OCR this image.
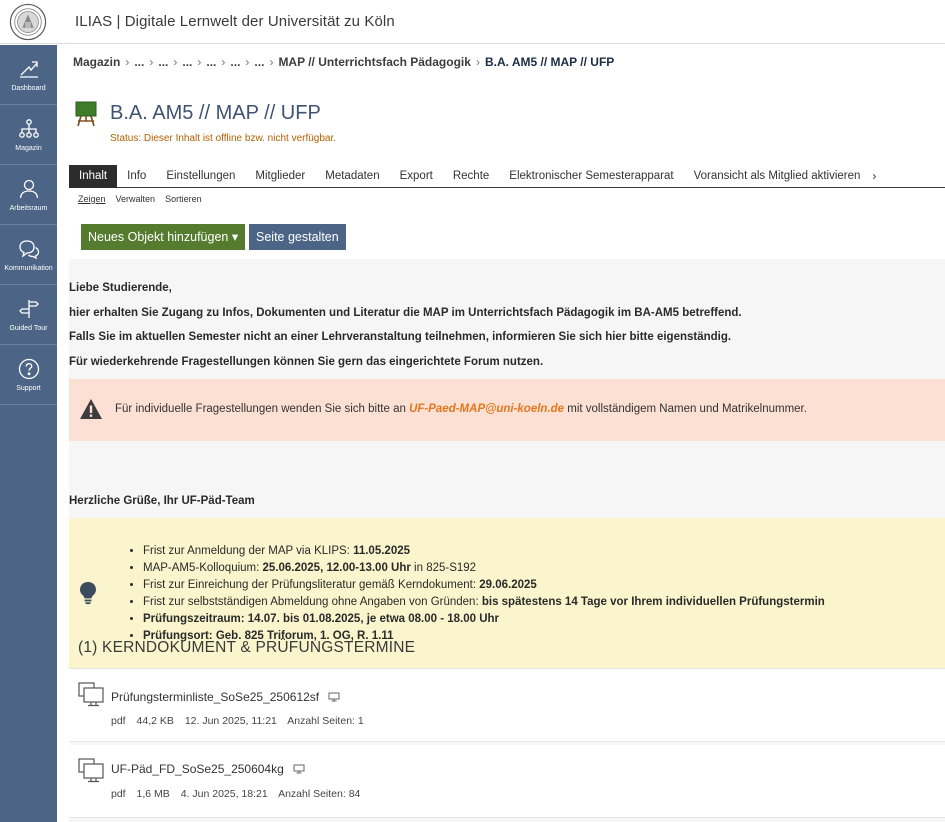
ILIAS | Digitale Lernwelt der Universität zu Köln
Dashboard
Magazin
Arbeitsraum
Kommunikation
Guided Tour
Support
Magazin › ... › ... › ... › ... › ... › ... › MAP // Unterrichtsfach Pädagogik › B.A. AM5 // MAP // UFP
B.A. AM5 // MAP // UFP
Status: Dieser Inhalt ist offline bzw. nicht verfügbar.
Inhalt	Info	Einstellungen	Mitglieder	Metadaten	Export	Rechte	Elektronischer Semesterapparat	Voransicht als Mitglied aktivieren	›
Zeigen Verwalten Sortieren
Neues Objekt hinzufügen ▾	Seite gestalten
Liebe Studierende,
hier erhalten Sie Zugang zu Infos, Dokumenten und Literatur die MAP im Unterrichtsfach Pädagogik im BA-AM5 betreffend.
Falls Sie im aktuellen Semester nicht an einer Lehrveranstaltung teilnehmen, informieren Sie sich hier bitte eigenständig.
Für wiederkehrende Fragestellungen können Sie gern das eingerichtete Forum nutzen.
Für individuelle Fragestellungen wenden Sie sich bitte an UF-Paed-MAP@uni-koeln.de mit vollständigem Namen und Matrikelnummer.
Herzliche Grüße, Ihr UF-Päd-Team
• Frist zur Anmeldung der MAP via KLIPS: 11.05.2025
• MAP-AM5-Kolloquium: 25.06.2025, 12.00-13.00 Uhr in 825-S192
• Frist zur Einreichung der Prüfungsliteratur gemäß Kerndokument: 29.06.2025
• Frist zur selbstständigen Abmeldung ohne Angaben von Gründen: bis spätestens 14 Tage vor Ihrem individuellen Prüfungstermin
• Prüfungszeitraum: 14.07. bis 01.08.2025, je etwa 08.00 - 18.00 Uhr
• Prüfungsort: Geb. 825 Triforum, 1. OG, R. 1.11
(1) KERNDOKUMENT & PRÜFUNGSTERMINE
Prüfungsterminliste_SoSe25_250612sf
pdf 44,2 KB 12. Jun 2025, 11:21 Anzahl Seiten: 1
UF-Päd_FD_SoSe25_250604kg
pdf 1,6 MB 4. Jun 2025, 18:21 Anzahl Seiten: 84
